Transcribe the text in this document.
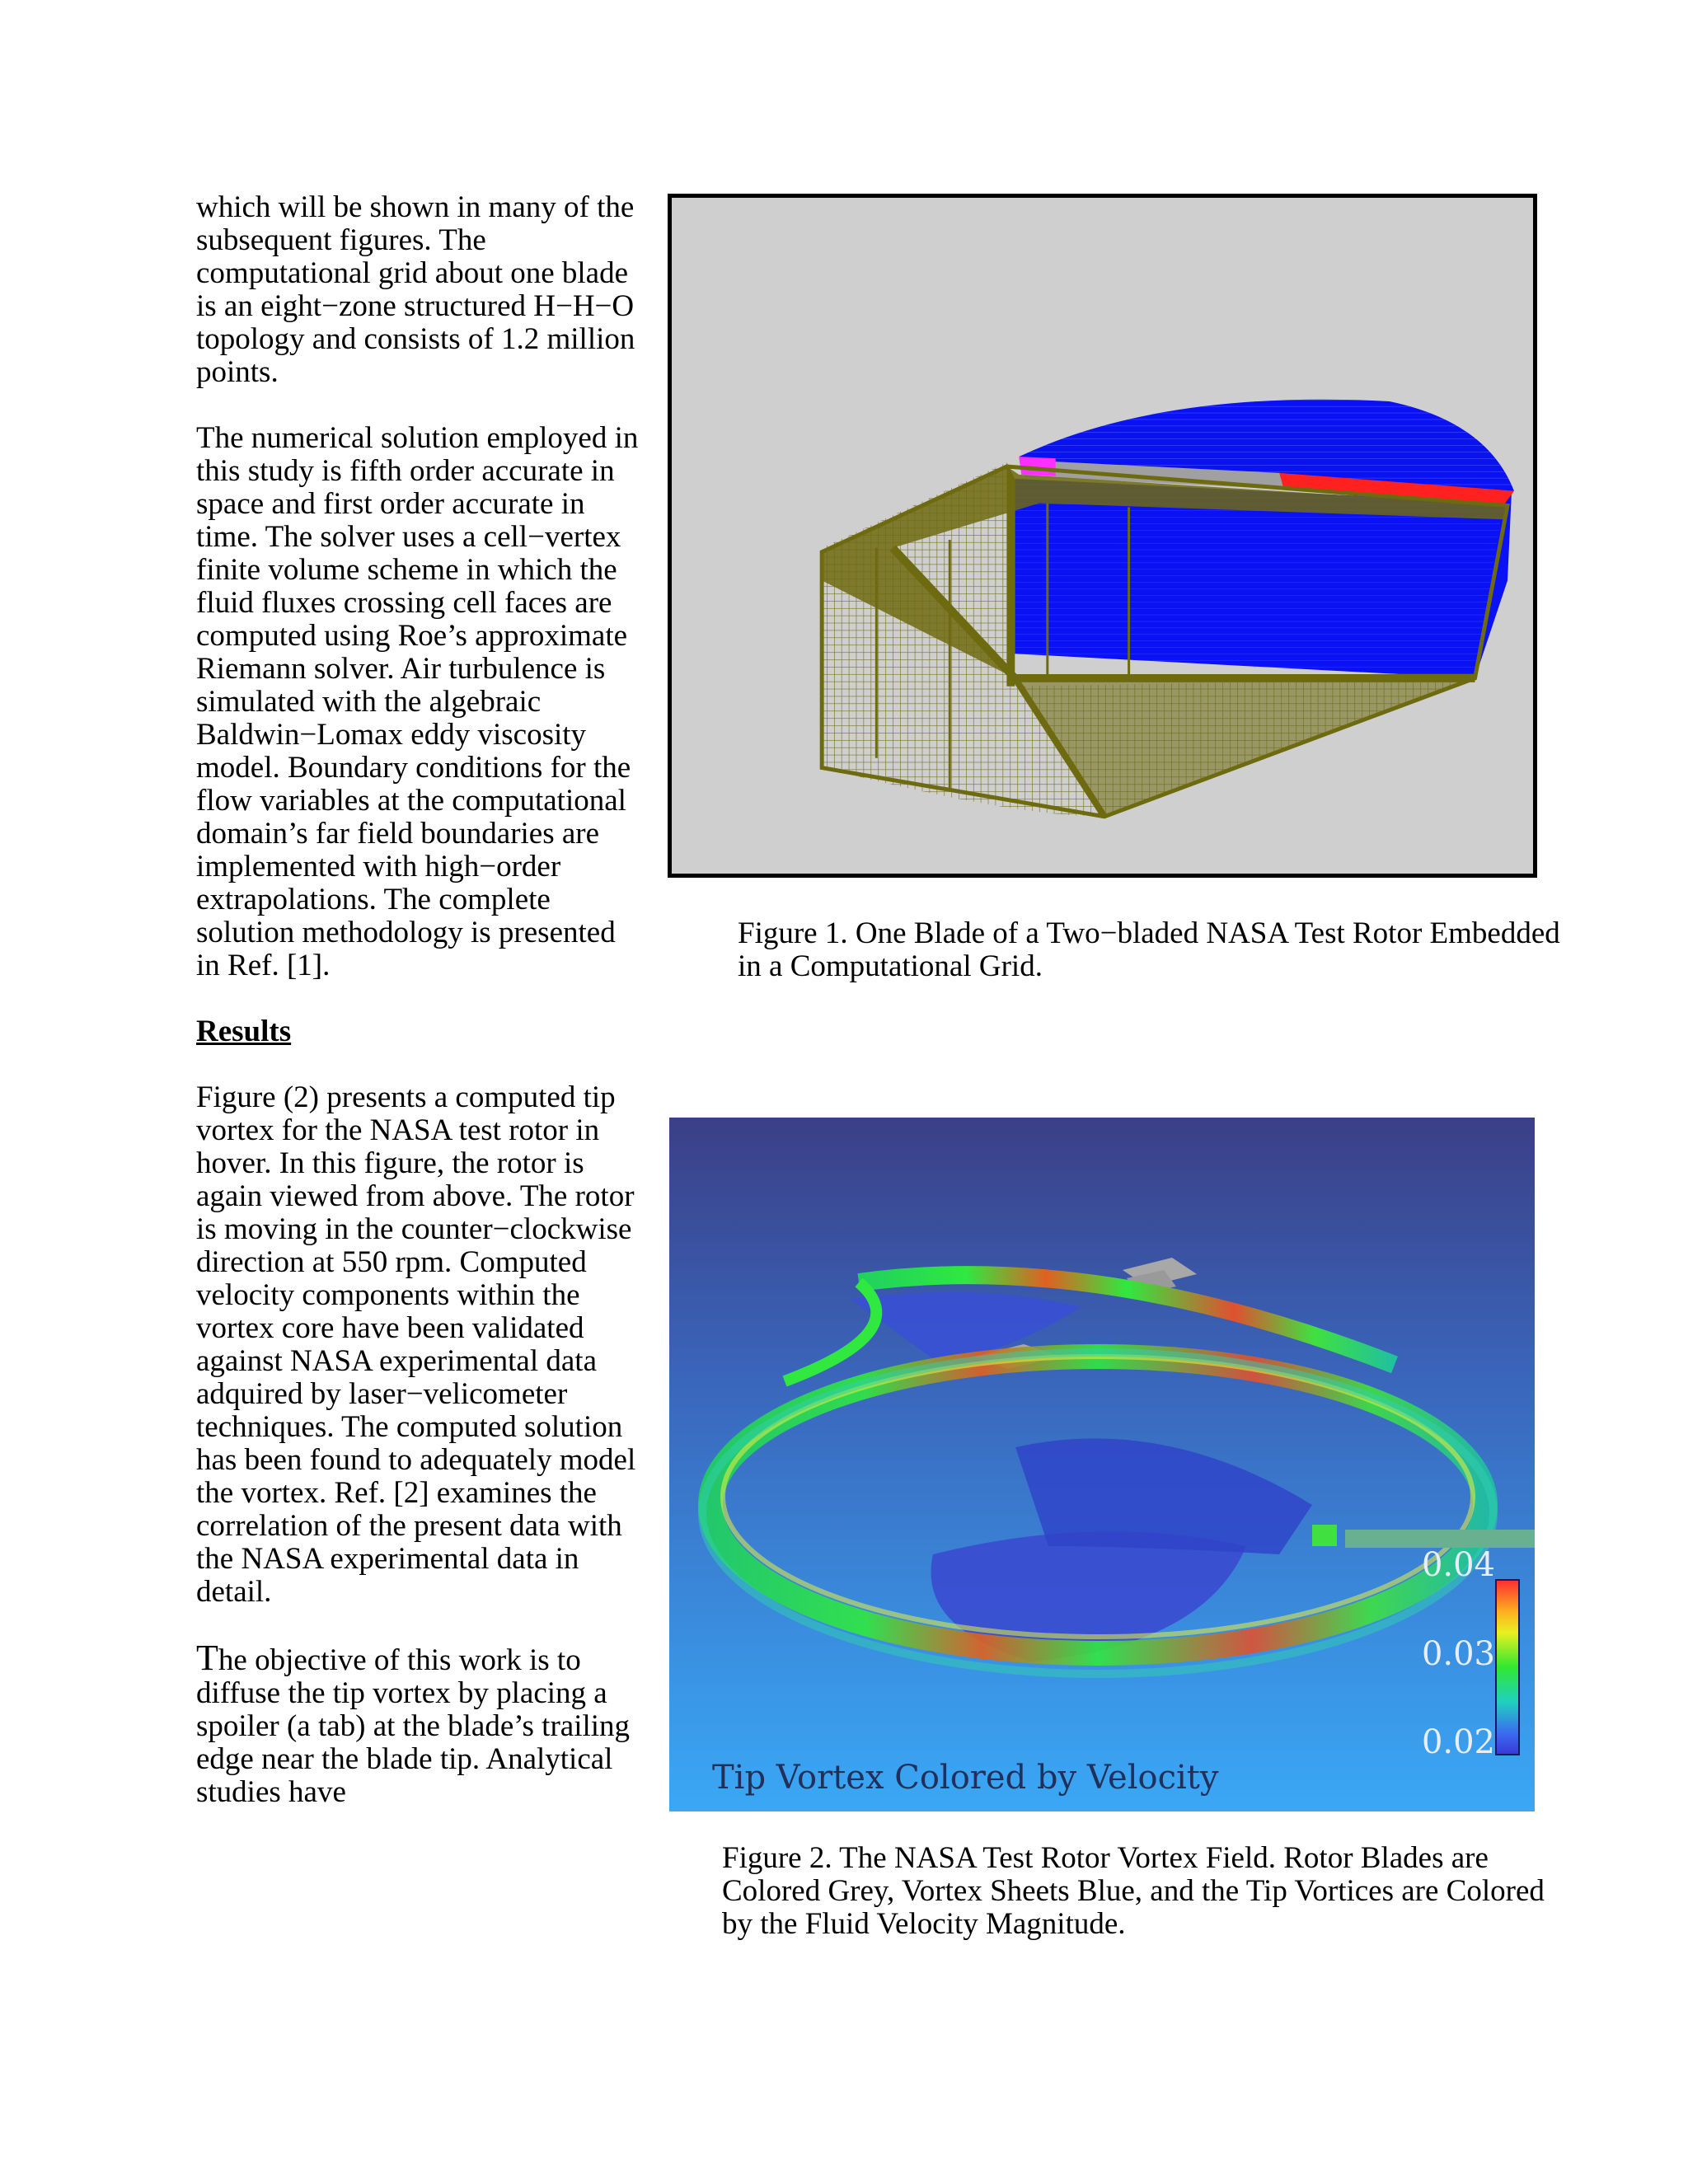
which will be shown in many of the subsequent figures. The computational grid about one blade is an eight−zone structured H−H−O topology and consists of 1.2 million points.

The numerical solution employed in this study is fifth order accurate in space and first order accurate in time. The solver uses a cell−vertex finite volume scheme in which the fluid fluxes crossing cell faces are computed using Roe’s approximate Riemann solver. Air turbulence is simulated with the algebraic Baldwin−Lomax eddy viscosity model. Boundary conditions for the flow variables at the computational domain’s far field boundaries are implemented with high−order extrapolations. The complete solution methodology is presented in Ref. [1].

Results

Figure (2) presents a computed tip vortex for the NASA test rotor in hover. In this figure, the rotor is again viewed from above. The rotor is moving in the counter−clockwise direction at 550 rpm. Computed velocity components within the vortex core have been validated against NASA experimental data adquired by laser−velicometer techniques. The computed solution has been found to adequately model the vortex. Ref. [2] examines the correlation of the present data with the NASA experimental data in detail.

The objective of this work is to diffuse the tip vortex by placing a spoiler (a tab) at the blade’s trailing edge near the blade tip. Analytical studies have

Figure 1. One Blade of a Two−bladed NASA Test Rotor Embedded in a Computational Grid.
0.04
0.03
0.02
Tip Vortex Colored by Velocity
Figure 2. The NASA Test Rotor Vortex Field. Rotor Blades are Colored Grey, Vortex Sheets Blue, and the Tip Vortices are Colored by the Fluid Velocity Magnitude.
